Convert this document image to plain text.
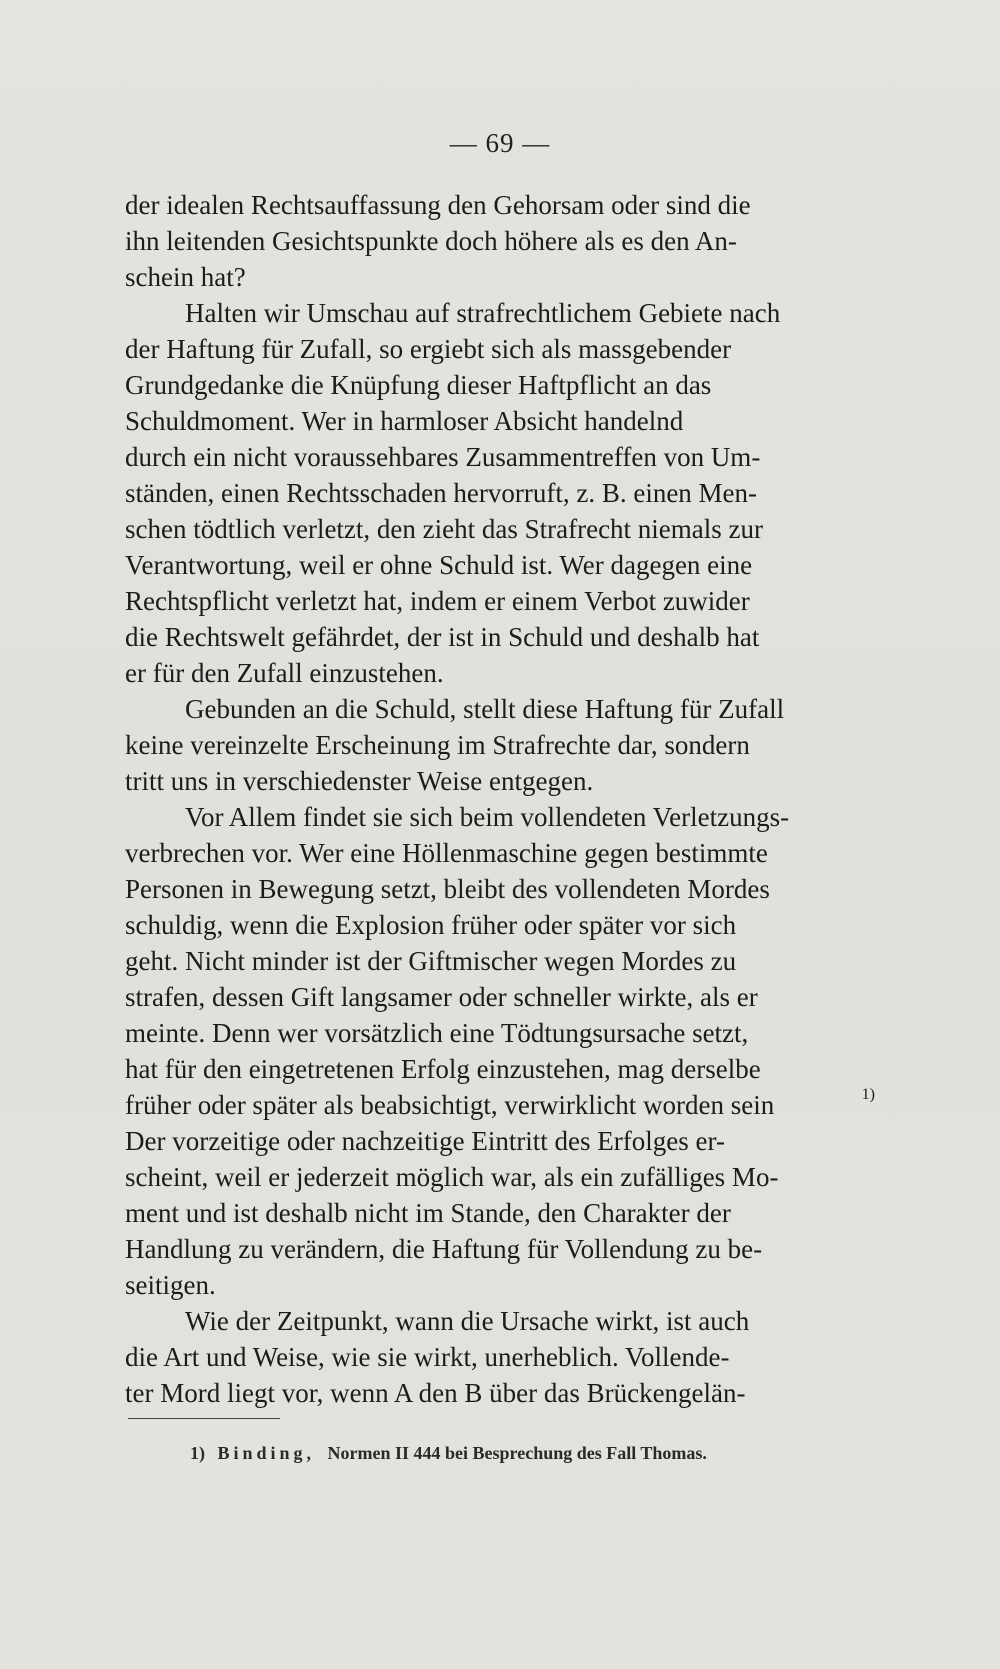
— 69 —
der idealen Rechtsauffassung den Gehorsam oder sind die
ihn leitenden Gesichtspunkte doch höhere als es den An-
schein hat?
Halten wir Umschau auf strafrechtlichem Gebiete nach
der Haftung für Zufall, so ergiebt sich als massgebender
Grundgedanke die Knüpfung dieser Haftpflicht an das
Schuldmoment. Wer in harmloser Absicht handelnd
durch ein nicht voraussehbares Zusammentreffen von Um-
ständen, einen Rechtsschaden hervorruft, z. B. einen Men-
schen tödtlich verletzt, den zieht das Strafrecht niemals zur
Verantwortung, weil er ohne Schuld ist. Wer dagegen eine
Rechtspflicht verletzt hat, indem er einem Verbot zuwider
die Rechtswelt gefährdet, der ist in Schuld und deshalb hat
er für den Zufall einzustehen.
Gebunden an die Schuld, stellt diese Haftung für Zufall
keine vereinzelte Erscheinung im Strafrechte dar, sondern
tritt uns in verschiedenster Weise entgegen.
Vor Allem findet sie sich beim vollendeten Verletzungs-
verbrechen vor. Wer eine Höllenmaschine gegen bestimmte
Personen in Bewegung setzt, bleibt des vollendeten Mordes
schuldig, wenn die Explosion früher oder später vor sich
geht. Nicht minder ist der Giftmischer wegen Mordes zu
strafen, dessen Gift langsamer oder schneller wirkte, als er
meinte. Denn wer vorsätzlich eine Tödtungsursache setzt,
hat für den eingetretenen Erfolg einzustehen, mag derselbe
früher oder später als beabsichtigt, verwirklicht worden sein	1)
Der vorzeitige oder nachzeitige Eintritt des Erfolges er-
scheint, weil er jederzeit möglich war, als ein zufälliges Mo-
ment und ist deshalb nicht im Stande, den Charakter der
Handlung zu verändern, die Haftung für Vollendung zu be-
seitigen.
Wie der Zeitpunkt, wann die Ursache wirkt, ist auch
die Art und Weise, wie sie wirkt, unerheblich. Vollende-
ter Mord liegt vor, wenn A den B über das Brückengelän-
1) Binding, Normen II 444 bei Besprechung des Fall Thomas.
